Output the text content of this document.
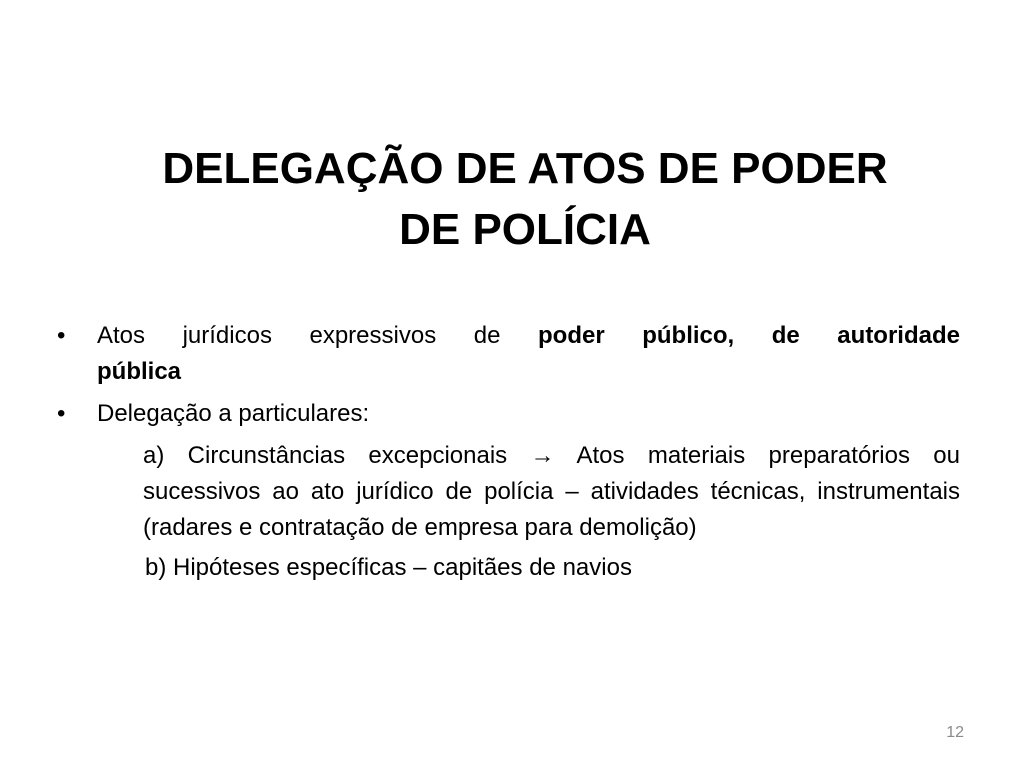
DELEGAÇÃO DE ATOS DE PODER
DE POLÍCIA
• Atos jurídicos expressivos de poder público, de autoridade
pública
• Delegação a particulares:

a) Circunstâncias excepcionais → Atos materiais preparatórios ou sucessivos ao ato jurídico de polícia – atividades técnicas, instrumentais (radares e contratação de empresa para demolição)

b) Hipóteses específicas – capitães de navios

12
